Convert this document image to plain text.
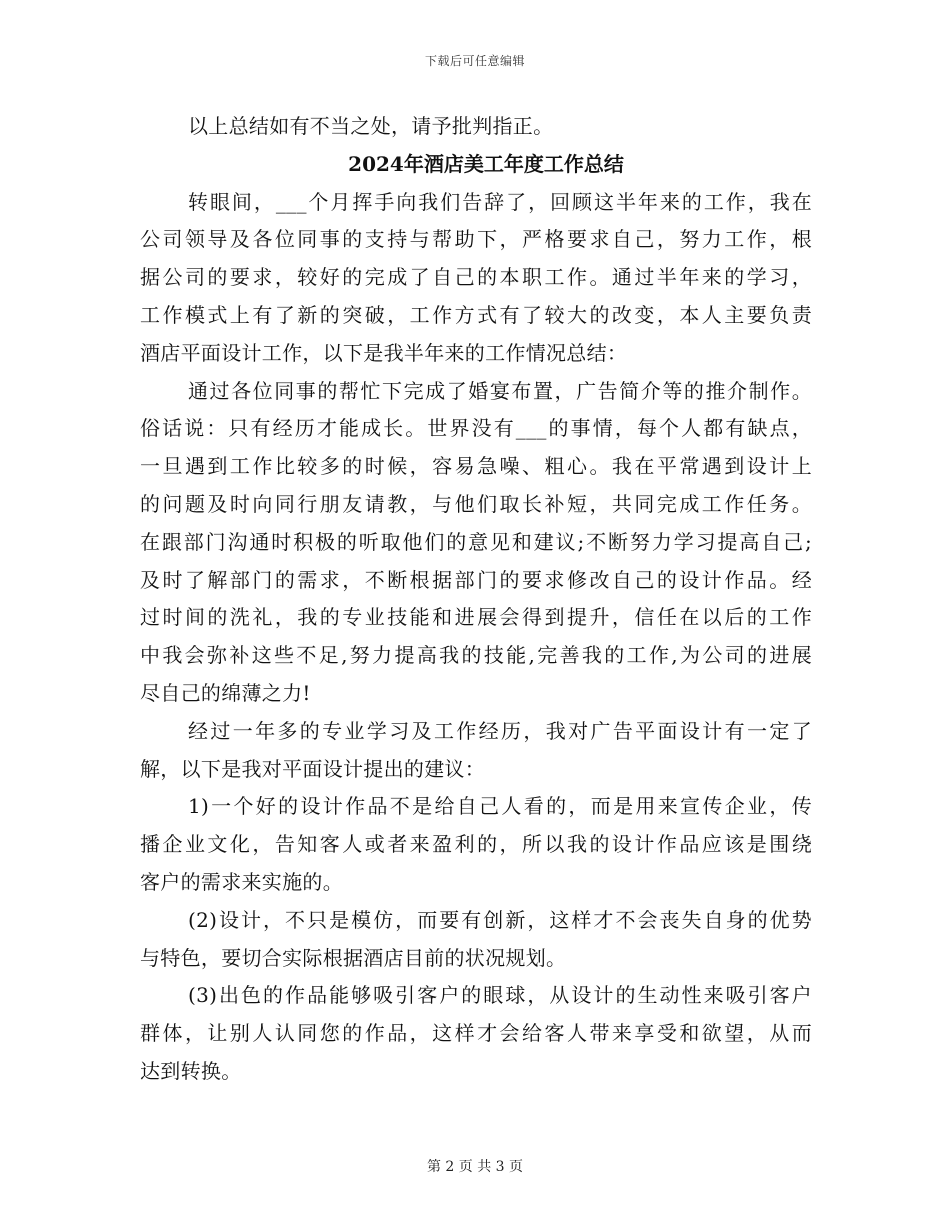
下载后可任意编辑
以上总结如有不当之处，请予批判指正。
2024年酒店美工年度工作总结
转眼间，___个月挥手向我们告辞了，回顾这半年来的工作，我在
公司领导及各位同事的支持与帮助下，严格要求自己，努力工作，根
据公司的要求，较好的完成了自己的本职工作。通过半年来的学习，
工作模式上有了新的突破，工作方式有了较大的改变，本人主要负责
酒店平面设计工作，以下是我半年来的工作情况总结：
通过各位同事的帮忙下完成了婚宴布置，广告简介等的推介制作。
俗话说：只有经历才能成长。世界没有___的事情，每个人都有缺点，
一旦遇到工作比较多的时候，容易急噪、粗心。我在平常遇到设计上
的问题及时向同行朋友请教，与他们取长补短，共同完成工作任务。
在跟部门沟通时积极的听取他们的意见和建议;不断努力学习提高自己;
及时了解部门的需求，不断根据部门的要求修改自己的设计作品。经
过时间的洗礼，我的专业技能和进展会得到提升，信任在以后的工作
中我会弥补这些不足,努力提高我的技能,完善我的工作,为公司的进展
尽自己的绵薄之力!
经过一年多的专业学习及工作经历，我对广告平面设计有一定了
解，以下是我对平面设计提出的建议：
1)一个好的设计作品不是给自己人看的，而是用来宣传企业，传
播企业文化，告知客人或者来盈利的，所以我的设计作品应该是围绕
客户的需求来实施的。
(2)设计，不只是模仿，而要有创新，这样才不会丧失自身的优势
与特色，要切合实际根据酒店目前的状况规划。
(3)出色的作品能够吸引客户的眼球，从设计的生动性来吸引客户
群体，让别人认同您的作品，这样才会给客人带来享受和欲望，从而
达到转换。
第 2 页 共 3 页
